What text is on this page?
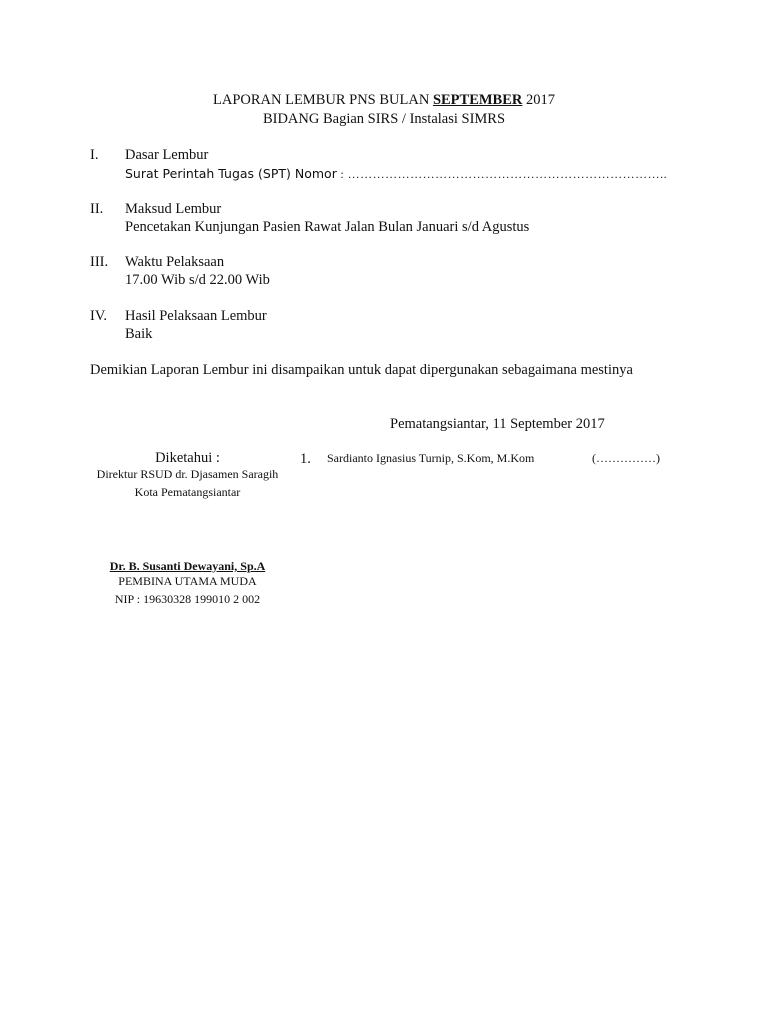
LAPORAN LEMBUR PNS BULAN SEPTEMBER 2017
BIDANG Bagian SIRS / Instalasi SIMRS
I. Dasar Lembur
Surat Perintah Tugas (SPT) Nomor : …………………………………………………………………..
II. Maksud Lembur
Pencetakan Kunjungan Pasien Rawat Jalan Bulan Januari s/d Agustus
III. Waktu Pelaksaan
17.00 Wib s/d 22.00 Wib
IV. Hasil Pelaksaan Lembur
Baik
Demikian Laporan Lembur ini disampaikan untuk dapat dipergunakan sebagaimana mestinya
Pematangsiantar, 11 September 2017
Diketahui :
Direktur RSUD dr. Djasamen Saragih
Kota Pematangsiantar
Dr. B. Susanti Dewayani, Sp.A
PEMBINA UTAMA MUDA
NIP : 19630328 199010 2 002
1. Sardianto Ignasius Turnip, S.Kom, M.Kom	(……………)
